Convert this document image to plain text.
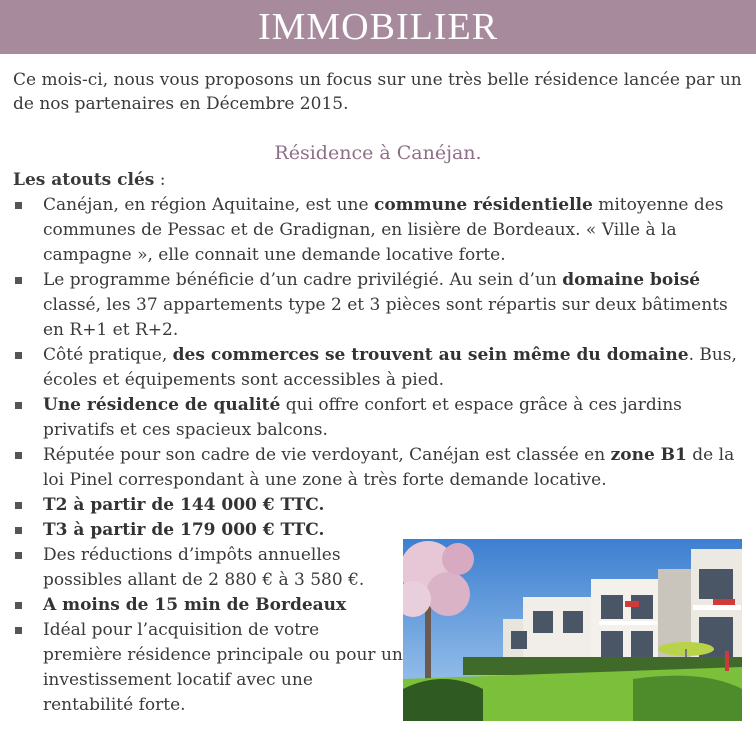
IMMOBILIER

Ce mois-ci, nous vous proposons un focus sur une très belle résidence lancée par un de nos partenaires en Décembre 2015.

Résidence à Canéjan.

Les atouts clés :

Canéjan, en région Aquitaine, est une commune résidentielle mitoyenne des communes de Pessac et de Gradignan, en lisière de Bordeaux. « Ville à la campagne », elle connait une demande locative forte.
Le programme bénéficie d’un cadre privilégié. Au sein d’un domaine boisé classé, les 37 appartements type 2 et 3 pièces sont répartis sur deux bâtiments en R+1 et R+2.
Côté pratique, des commerces se trouvent au sein même du domaine. Bus, écoles et équipements sont accessibles à pied.
Une résidence de qualité qui offre confort et espace grâce à ces jardins privatifs et ces spacieux balcons.
Réputée pour son cadre de vie verdoyant, Canéjan est classée en zone B1 de la loi Pinel correspondant à une zone à très forte demande locative.
T2 à partir de 144 000 € TTC.
T3 à partir de 179 000 € TTC.
Des réductions d’impôts annuelles possibles allant de 2 880 € à 3 580 €.
A moins de 15 min de Bordeaux
Idéal pour l’acquisition de votre première résidence principale ou pour un investissement locatif avec une rentabilité forte.
